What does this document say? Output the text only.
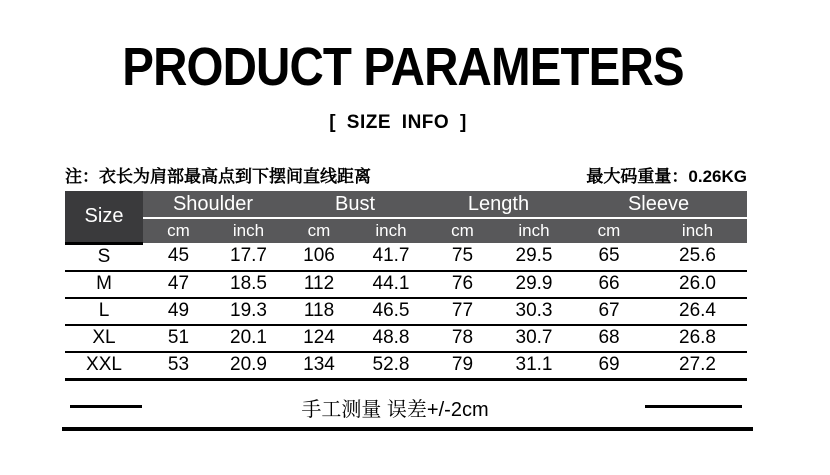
PRODUCT PARAMETERS
[ SIZE INFO ]
注：衣长为肩部最高点到下摆间直线距离	最大码重量：0.26KG
Size	Shoulder		Bust		Length		Sleeve	
	cm	inch	cm	inch	cm	inch	cm	inch
S	45	17.7	106	41.7	75	29.5	65	25.6
M	47	18.5	112	44.1	76	29.9	66	26.0
L	49	19.3	118	46.5	77	30.3	67	26.4
XL	51	20.1	124	48.8	78	30.7	68	26.8
XXL	53	20.9	134	52.8	79	31.1	69	27.2
手工测量 误差+/-2cm
